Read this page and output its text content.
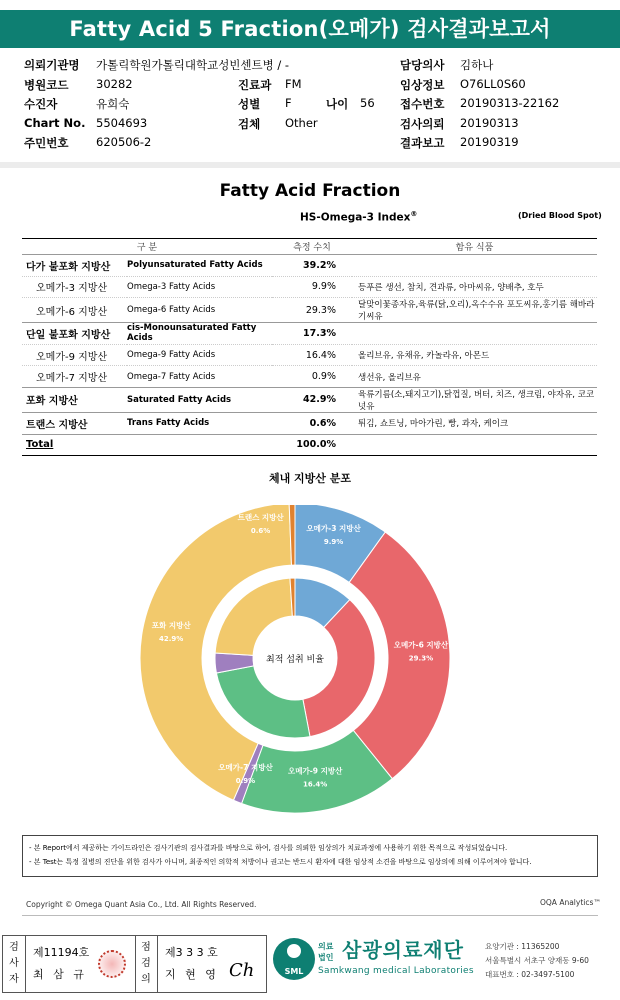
Fatty Acid 5 Fraction(오메가) 검사결과보고서
의뢰기관명 가톨릭학원가톨릭대학교성빈센트병 / -	담당의사 김하나
병원코드 30282	진료과 FM	임상정보 O76LL0S60
수진자	유희숙	성별 F	나이 56 접수번호 20190313-22162
Chart No. 5504693	검체 Other	검사의뢰 20190313
주민번호 620506-2	결과보고 20190319
Fatty Acid Fraction
HS-Omega-3 Index®	(Dried Blood Spot)
구 분		측정 수치	함유 식품
다가 불포화 지방산	Polyunsaturated Fatty Acids	39.2%	
오메가-3 지방산	Omega-3 Fatty Acids	9.9%	등푸른 생선, 참치, 견과류, 아마씨유, 양배추, 호두
오메가-6 지방산	Omega-6 Fatty Acids	29.3%	달맞이꽃종자유,육류(닭,오리),옥수수유 포도씨유,홍기름 해바라기씨유
단일 불포화 지방산	cis-Monounsaturated Fatty Acids	17.3%	
오메가-9 지방산	Omega-9 Fatty Acids	16.4%	올리브유, 유채유, 카놀라유, 아몬드
오메가-7 지방산	Omega-7 Fatty Acids	0.9%	생선유, 올리브유
포화 지방산	Saturated Fatty Acids	42.9%	육류기름(소,돼지고기),닭껍질, 버터, 치즈, 생크림, 야자유, 코코넛유
트랜스 지방산	Trans Fatty Acids	0.6%	튀김, 쇼트닝, 마아가린, 빵, 과자, 케이크
Total		100.0%	
체내 지방산 분포
최적 섭취 비율
오메가-3 지방산
9.9%
오메가-6 지방산
29.3%
오메가-9 지방산
16.4%
오메가-7 지방산
0.9%
포화 지방산
42.9%
트랜스 지방산
0.6%
- 본 Report에서 제공하는 가이드라인은 검사기관의 검사결과를 바탕으로 하여, 검사를 의뢰한 임상의가 치료과정에 사용하기 위한 목적으로 작성되었습니다.
- 본 Test는 특정 질병의 진단을 위한 검사가 아니며, 최종적인 의학적 처방이나 권고는 반드시 환자에 대한 임상적 소견을 바탕으로 임상의에 의해 이루어져야 합니다.
Copyright © Omega Quant Asia Co., Ltd. All Rights Reserved.	OQA Analytics™
검사자
제11194호
최 삼 규
점검의
제3 3 3 호
지 현 영 Ch	SML
의료
법인 삼광의료재단
Samkwang medical Laboratories
요양기관 : 11365200
서울특별시 서초구 양재동 9-60
대표번호 : 02-3497-5100
